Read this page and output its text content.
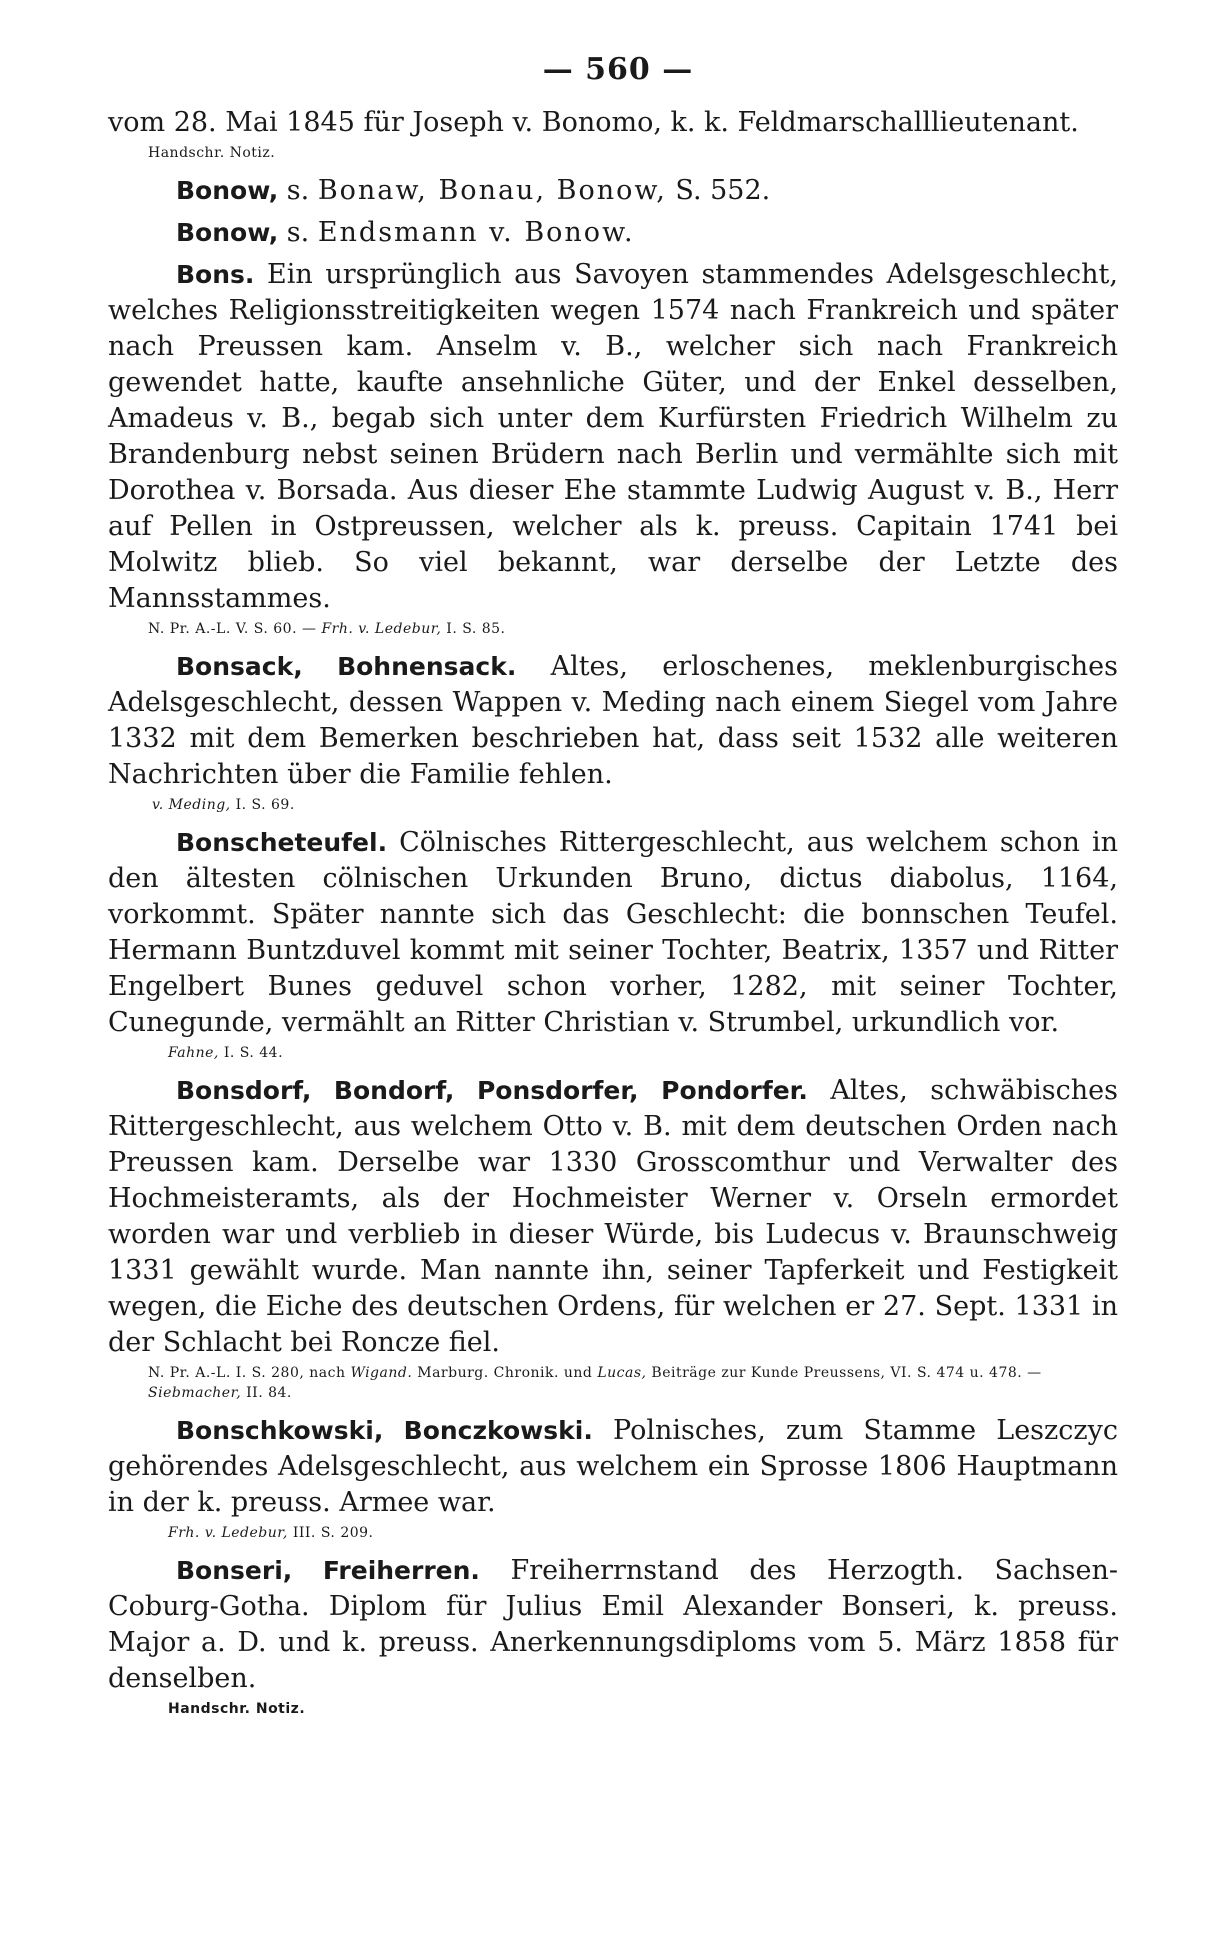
— 560 —

vom 28. Mai 1845 für Joseph v. Bonomo, k. k. Feldmarschalllieutenant.

Handschr. Notiz.

Bonow, s. Bonaw, Bonau, Bonow, S. 552.

Bonow, s. Endsmann v. Bonow.

Bons. Ein ursprünglich aus Savoyen stammendes Adelsgeschlecht, welches Religionsstreitigkeiten wegen 1574 nach Frankreich und später nach Preussen kam. Anselm v. B., welcher sich nach Frankreich gewendet hatte, kaufte ansehnliche Güter, und der Enkel desselben, Amadeus v. B., begab sich unter dem Kurfürsten Friedrich Wilhelm zu Brandenburg nebst seinen Brüdern nach Berlin und vermählte sich mit Dorothea v. Borsada. Aus dieser Ehe stammte Ludwig August v. B., Herr auf Pellen in Ostpreussen, welcher als k. preuss. Capitain 1741 bei Molwitz blieb. So viel bekannt, war derselbe der Letzte des Mannsstammes.

N. Pr. A.-L. V. S. 60. — Frh. v. Ledebur, I. S. 85.

Bonsack, Bohnensack. Altes, erloschenes, meklenburgisches Adelsgeschlecht, dessen Wappen v. Meding nach einem Siegel vom Jahre 1332 mit dem Bemerken beschrieben hat, dass seit 1532 alle weiteren Nachrichten über die Familie fehlen.

v. Meding, I. S. 69.

Bonscheteufel. Cölnisches Rittergeschlecht, aus welchem schon in den ältesten cölnischen Urkunden Bruno, dictus diabolus, 1164, vorkommt. Später nannte sich das Geschlecht: die bonnschen Teufel. Hermann Buntzduvel kommt mit seiner Tochter, Beatrix, 1357 und Ritter Engelbert Bunes geduvel schon vorher, 1282, mit seiner Tochter, Cunegunde, vermählt an Ritter Christian v. Strumbel, urkundlich vor.

Fahne, I. S. 44.

Bonsdorf, Bondorf, Ponsdorfer, Pondorfer. Altes, schwäbisches Rittergeschlecht, aus welchem Otto v. B. mit dem deutschen Orden nach Preussen kam. Derselbe war 1330 Grosscomthur und Verwalter des Hochmeisteramts, als der Hochmeister Werner v. Orseln ermordet worden war und verblieb in dieser Würde, bis Ludecus v. Braunschweig 1331 gewählt wurde. Man nannte ihn, seiner Tapferkeit und Festigkeit wegen, die Eiche des deutschen Ordens, für welchen er 27. Sept. 1331 in der Schlacht bei Roncze fiel.

N. Pr. A.-L. I. S. 280, nach Wigand. Marburg. Chronik. und Lucas, Beiträge zur Kunde Preussens, VI. S. 474 u. 478. — Siebmacher, II. 84.

Bonschkowski, Bonczkowski. Polnisches, zum Stamme Leszczyc gehörendes Adelsgeschlecht, aus welchem ein Sprosse 1806 Hauptmann in der k. preuss. Armee war.

Frh. v. Ledebur, III. S. 209.

Bonseri, Freiherren. Freiherrnstand des Herzogth. Sachsen-Coburg-Gotha. Diplom für Julius Emil Alexander Bonseri, k. preuss. Major a. D. und k. preuss. Anerkennungsdiploms vom 5. März 1858 für denselben.

Handschr. Notiz.
